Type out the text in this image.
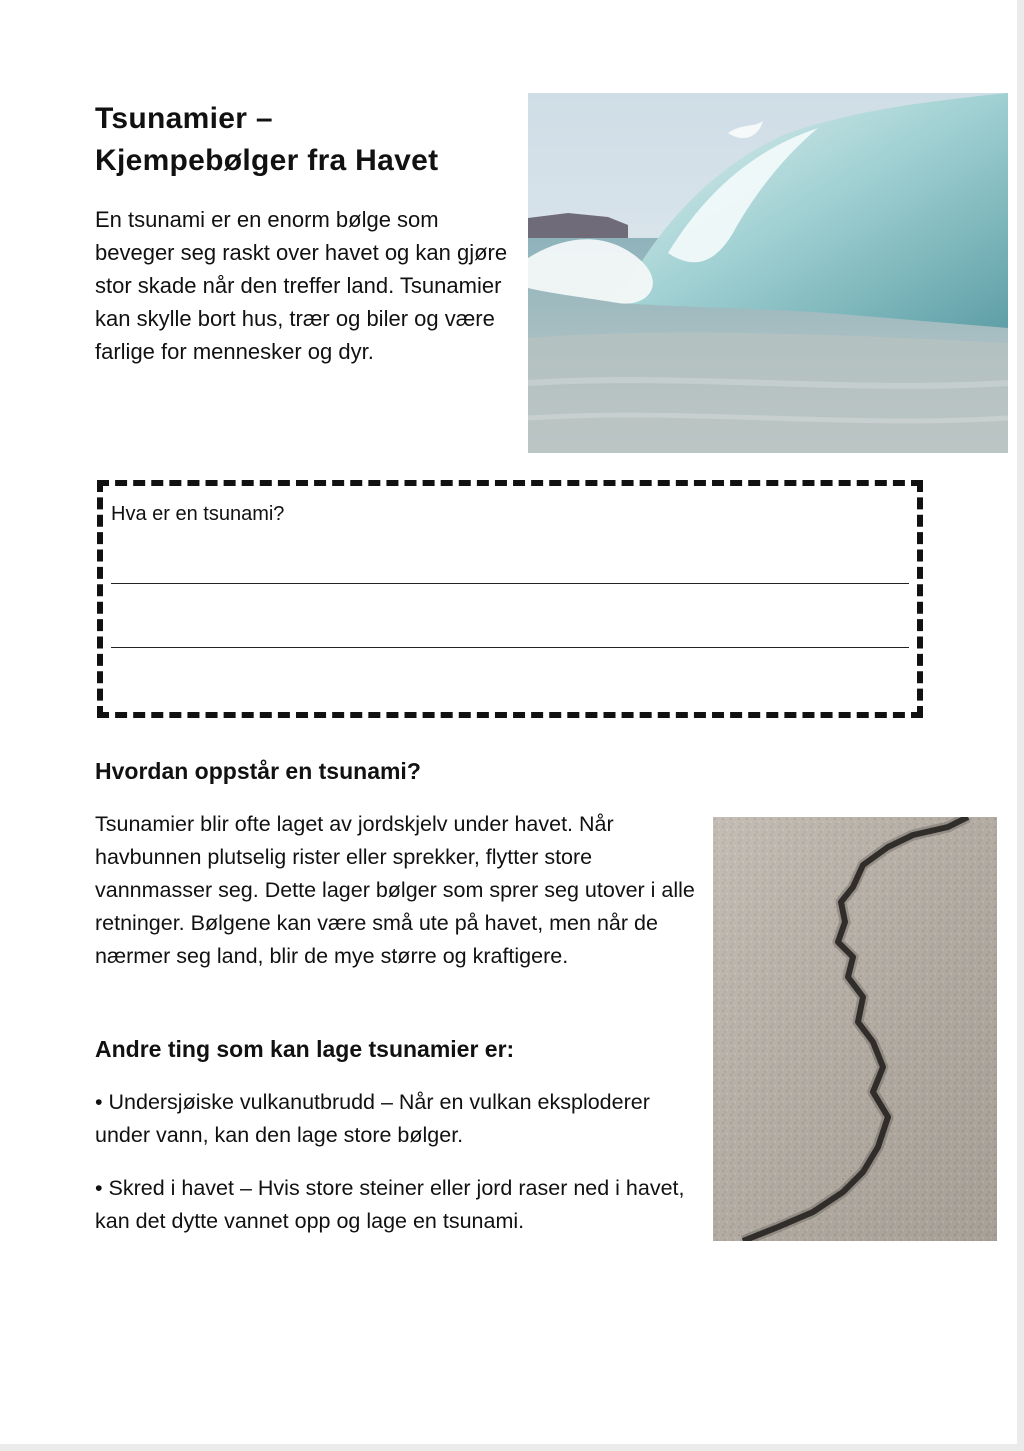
Tsunamier –
Kjempebølger fra Havet

En tsunami er en enorm bølge som beveger seg raskt over havet og kan gjøre stor skade når den treffer land. Tsunamier kan skylle bort hus, trær og biler og være farlige for mennesker og dyr.

Hva er en tsunami?

Hvordan oppstår en tsunami?

Tsunamier blir ofte laget av jordskjelv under havet. Når havbunnen plutselig rister eller sprekker, flytter store vannmasser seg. Dette lager bølger som sprer seg utover i alle retninger. Bølgene kan være små ute på havet, men når de nærmer seg land, blir de mye større og kraftigere.

Andre ting som kan lage tsunamier er:

• Undersjøiske vulkanutbrudd – Når en vulkan eksploderer under vann, kan den lage store bølger.

• Skred i havet – Hvis store steiner eller jord raser ned i havet, kan det dytte vannet opp og lage en tsunami.
